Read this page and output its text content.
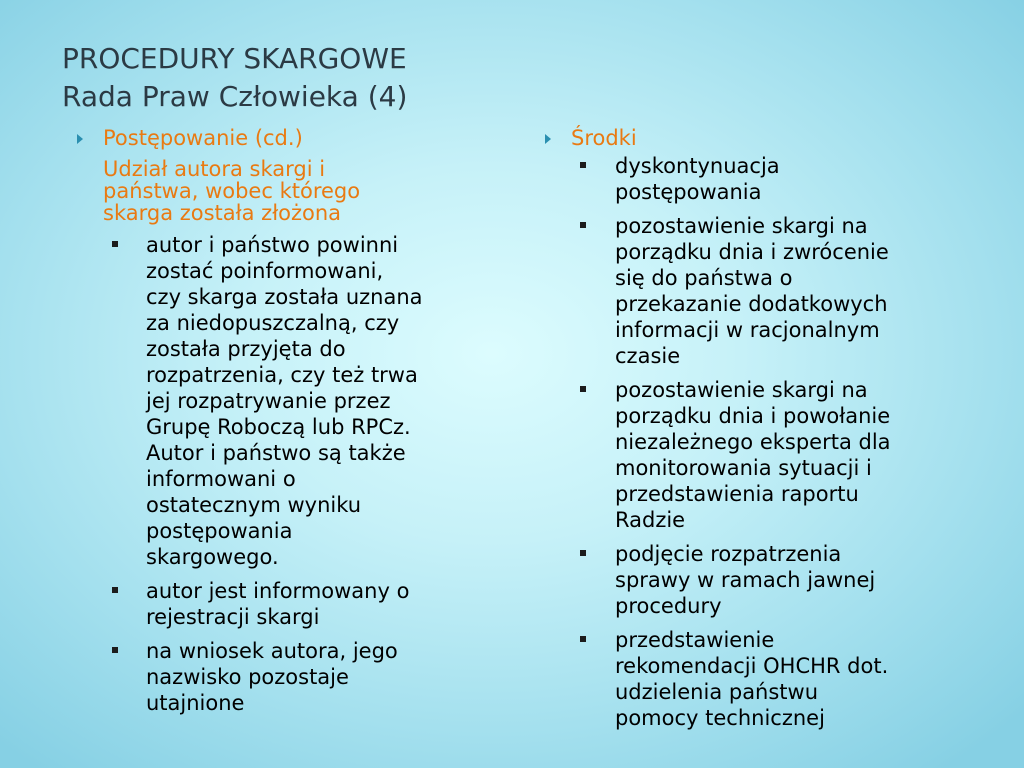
PROCEDURY SKARGOWE
Rada Praw Człowieka (4)
Postępowanie (cd.)
Udział autora skargi i
państwa, wobec którego
skarga została złożona
autor i państwo powinni
zostać poinformowani,
czy skarga została uznana
za niedopuszczalną, czy
została przyjęta do
rozpatrzenia, czy też trwa
jej rozpatrywanie przez
Grupę Roboczą lub RPCz.
Autor i państwo są także
informowani o
ostatecznym wyniku
postępowania
skargowego.
autor jest informowany o
rejestracji skargi
na wniosek autora, jego
nazwisko pozostaje
utajnione
Środki
dyskontynuacja
postępowania
pozostawienie skargi na
porządku dnia i zwrócenie
się do państwa o
przekazanie dodatkowych
informacji w racjonalnym
czasie
pozostawienie skargi na
porządku dnia i powołanie
niezależnego eksperta dla
monitorowania sytuacji i
przedstawienia raportu
Radzie
podjęcie rozpatrzenia
sprawy w ramach jawnej
procedury
przedstawienie
rekomendacji OHCHR dot.
udzielenia państwu
pomocy technicznej
